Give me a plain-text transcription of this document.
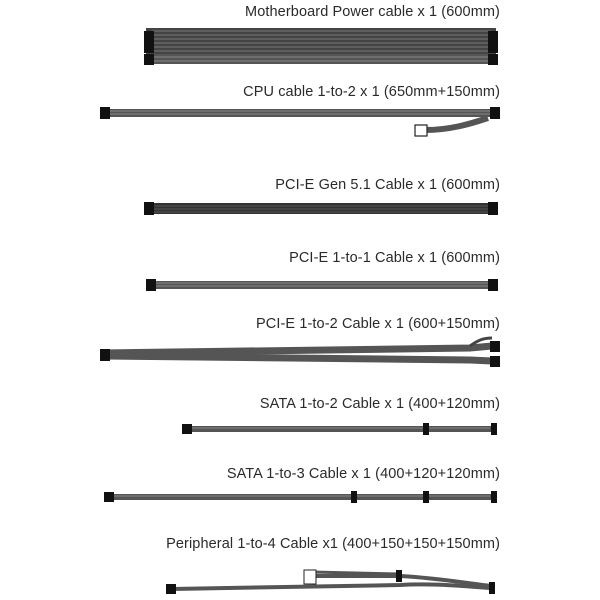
Motherboard Power cable x 1 (600mm)
CPU cable 1-to-2 x 1 (650mm+150mm)
PCI-E Gen 5.1 Cable x 1 (600mm)
PCI-E 1-to-1 Cable x 1 (600mm)
PCI-E 1-to-2 Cable x 1 (600+150mm)
SATA 1-to-2 Cable x 1 (400+120mm)
SATA 1-to-3 Cable x 1 (400+120+120mm)
Peripheral 1-to-4 Cable x1 (400+150+150+150mm)
